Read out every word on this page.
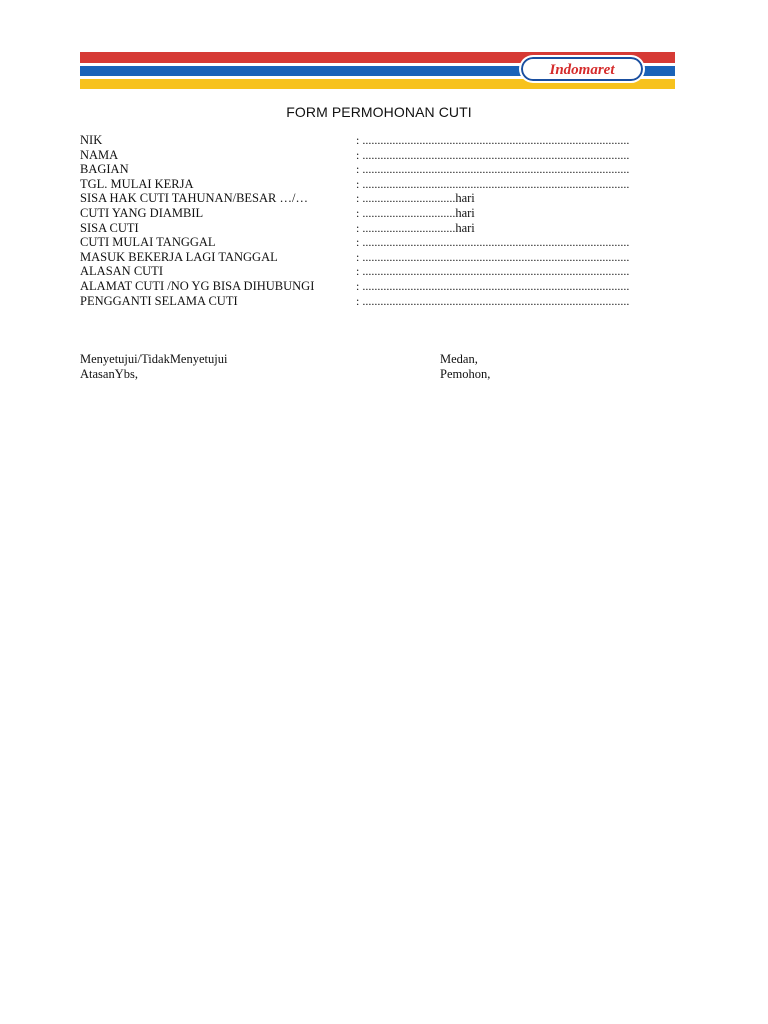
Indomaret
FORM PERMOHONAN CUTI
NIK	: .........................................................................................
NAMA	: .........................................................................................
BAGIAN	: .........................................................................................
TGL. MULAI KERJA	: .........................................................................................
SISA HAK CUTI TAHUNAN/BESAR …/…	: ...............................hari
CUTI YANG DIAMBIL	: ...............................hari
SISA CUTI	: ...............................hari
CUTI MULAI TANGGAL	: .........................................................................................
MASUK BEKERJA LAGI TANGGAL	: .........................................................................................
ALASAN CUTI	: .........................................................................................
ALAMAT CUTI /NO YG BISA DIHUBUNGI	: .........................................................................................
PENGGANTI SELAMA CUTI	: .........................................................................................
Menyetujui/TidakMenyetujui
AtasanYbs,
Medan,
Pemohon,
